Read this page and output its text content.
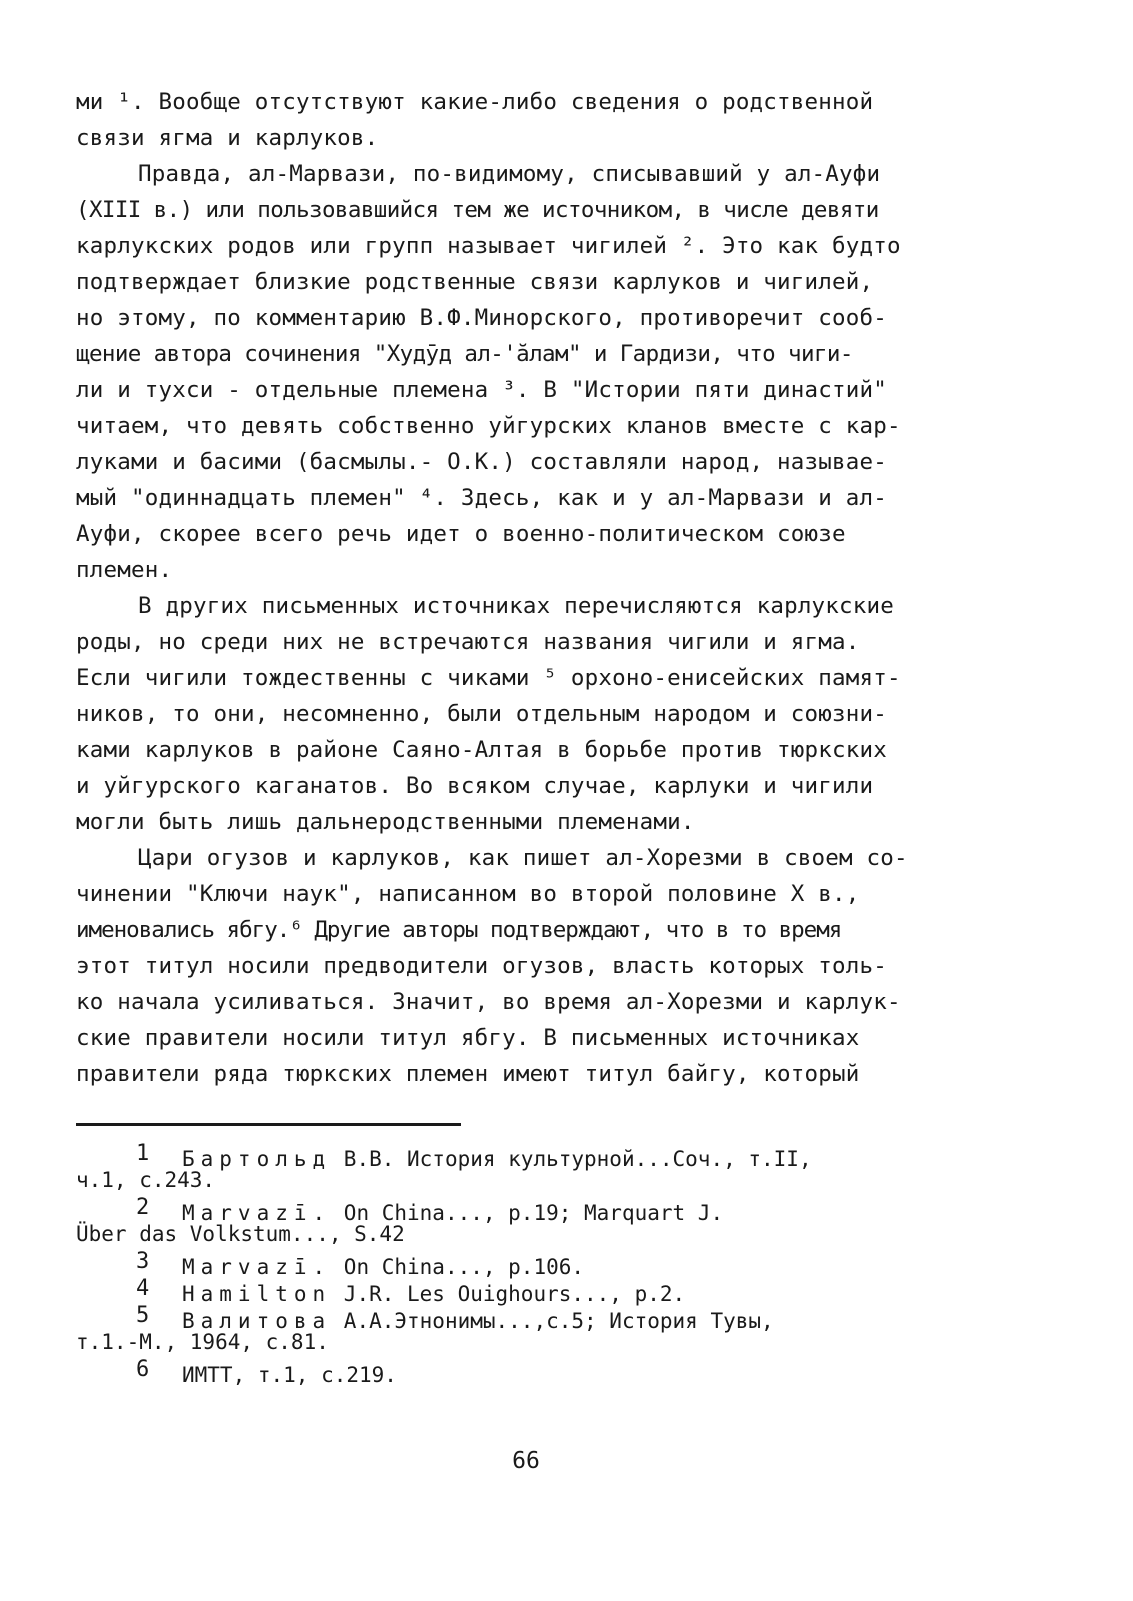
ми ¹. Вообще отсутствуют какие-либо сведения о родственной
связи ягма и карлуков.
Правда, ал-Марвази, по-видимому, списывавший у ал-Ауфи
(XIII в.) или пользовавшийся тем же источником, в числе девяти
карлукских родов или групп называет чигилей ². Это как будто
подтверждает близкие родственные связи карлуков и чигилей,
но этому, по комментарию В.Ф.Минорского, противоречит сооб-
щение автора сочинения "Худӯд ал-'ӑлам" и Гардизи, что чиги-
ли и тухси - отдельные племена ³. В "Истории пяти династий"
читаем, что девять собственно уйгурских кланов вместе с кар-
луками и басими (басмылы.- О.К.) составляли народ, называе-
мый "одиннадцать племен" ⁴. Здесь, как и у ал-Марвази и ал-
Ауфи, скорее всего речь идет о военно-политическом союзе
племен.
В других письменных источниках перечисляются карлукские
роды, но среди них не встречаются названия чигили и ягма.
Если чигили тождественны с чиками ⁵ орхоно-енисейских памят-
ников, то они, несомненно, были отдельным народом и союзни-
ками карлуков в районе Саяно-Алтая в борьбе против тюркских
и уйгурского каганатов. Во всяком случае, карлуки и чигили
могли быть лишь дальнеродственными племенами.
Цари огузов и карлуков, как пишет ал-Хорезми в своем со-
чинении "Ключи наук", написанном во второй половине X в.,
именовались ябгу.⁶ Другие авторы подтверждают, что в то время
этот титул носили предводители огузов, власть которых толь-
ко начала усиливаться. Значит, во время ал-Хорезми и карлук-
ские правители носили титул ябгу. В письменных источниках
правители ряда тюркских племен имеют титул байгу, который
1 Бартольд В.В. История культурной...Соч., т.II,
ч.1, с.243.
2 Marvazī. On China..., p.19; Marquart J.
Über das Volkstum..., S.42
3 Marvazī. On China..., p.106.
4 Hamilton J.R. Les Ouighours..., p.2.
5 Валитова А.А.Этнонимы...,с.5; История Тувы,
т.1.-М., 1964, с.81.
6 ИМТТ, т.1, с.219.
66
